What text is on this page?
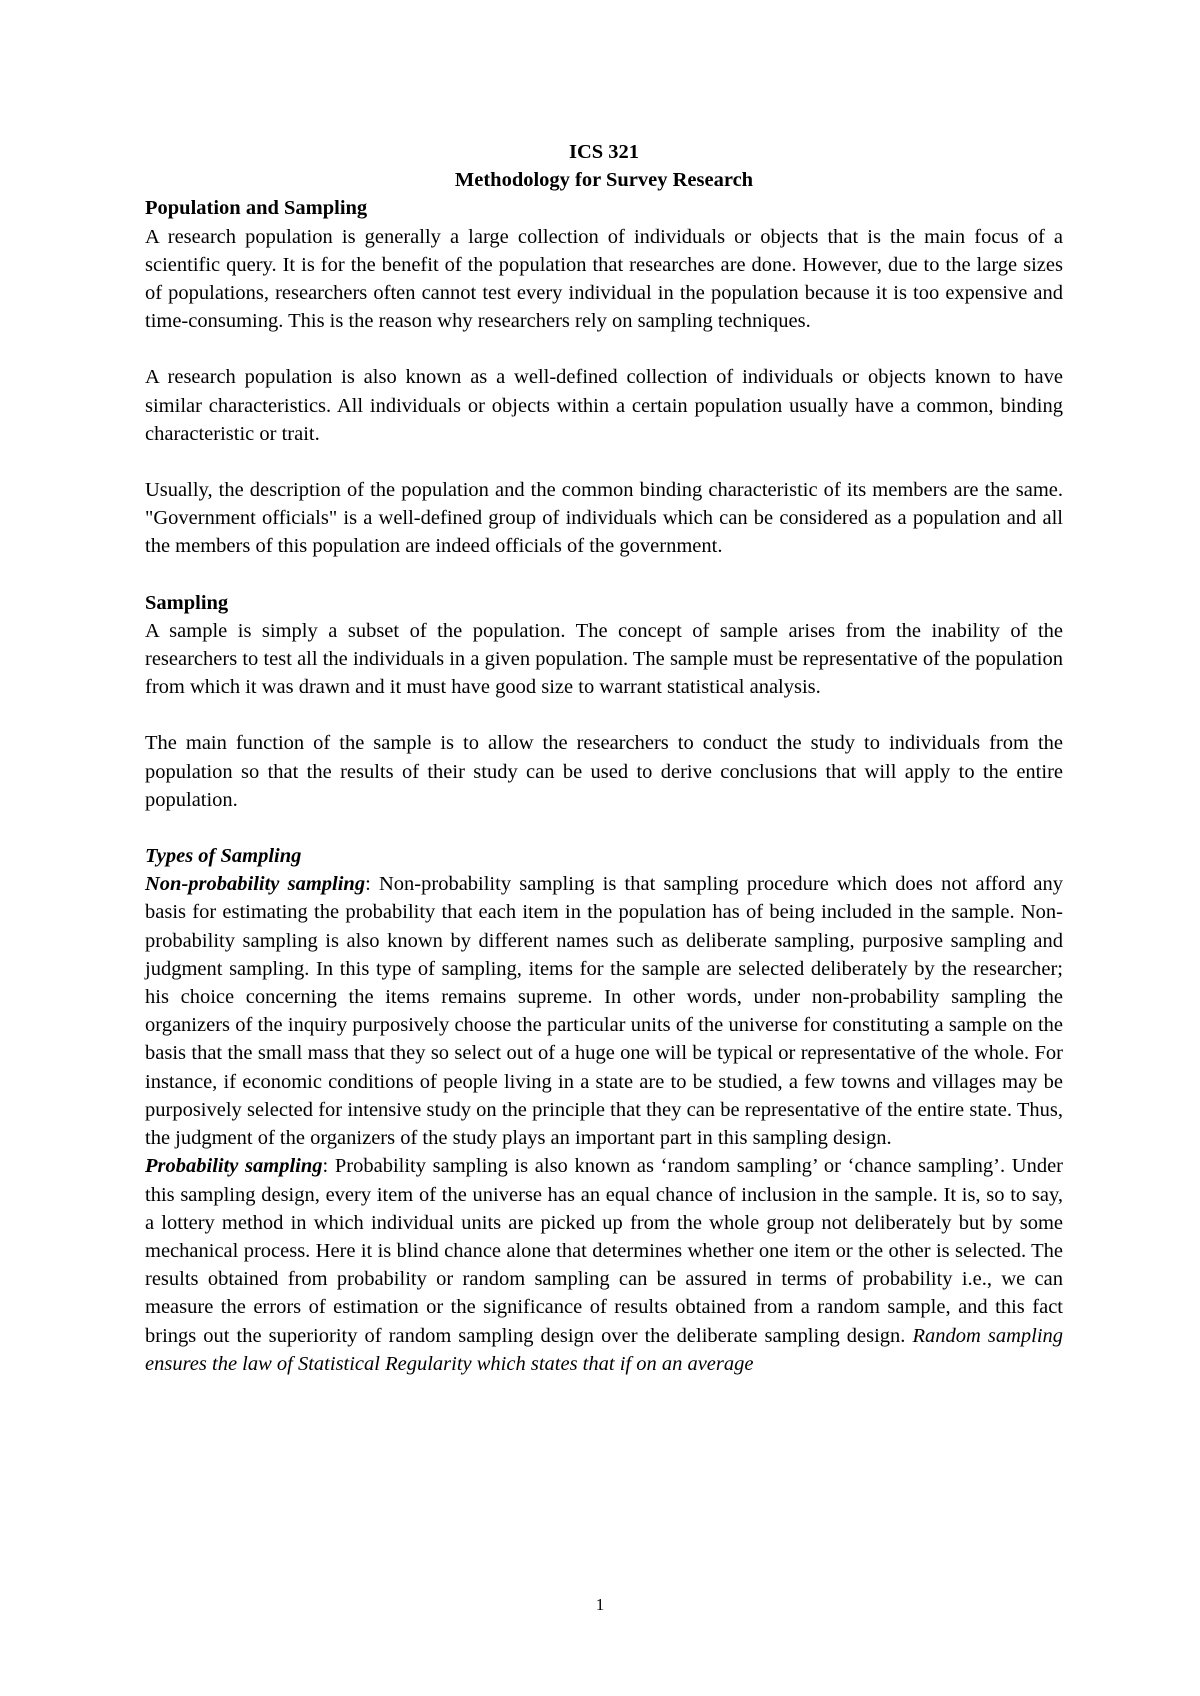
ICS 321
Methodology for Survey Research
Population and Sampling

A research population is generally a large collection of individuals or objects that is the main focus of a scientific query. It is for the benefit of the population that researches are done. However, due to the large sizes of populations, researchers often cannot test every individual in the population because it is too expensive and time-consuming. This is the reason why researchers rely on sampling techniques.

A research population is also known as a well-defined collection of individuals or objects known to have similar characteristics. All individuals or objects within a certain population usually have a common, binding characteristic or trait.

Usually, the description of the population and the common binding characteristic of its members are the same. "Government officials" is a well-defined group of individuals which can be considered as a population and all the members of this population are indeed officials of the government.

Sampling

A sample is simply a subset of the population. The concept of sample arises from the inability of the researchers to test all the individuals in a given population. The sample must be representative of the population from which it was drawn and it must have good size to warrant statistical analysis.

The main function of the sample is to allow the researchers to conduct the study to individuals from the population so that the results of their study can be used to derive conclusions that will apply to the entire population.

Types of Sampling

Non-probability sampling: Non-probability sampling is that sampling procedure which does not afford any basis for estimating the probability that each item in the population has of being included in the sample. Non-probability sampling is also known by different names such as deliberate sampling, purposive sampling and judgment sampling. In this type of sampling, items for the sample are selected deliberately by the researcher; his choice concerning the items remains supreme. In other words, under non-probability sampling the organizers of the inquiry purposively choose the particular units of the universe for constituting a sample on the basis that the small mass that they so select out of a huge one will be typical or representative of the whole. For instance, if economic conditions of people living in a state are to be studied, a few towns and villages may be purposively selected for intensive study on the principle that they can be representative of the entire state. Thus, the judgment of the organizers of the study plays an important part in this sampling design.

Probability sampling: Probability sampling is also known as ‘random sampling’ or ‘chance sampling’. Under this sampling design, every item of the universe has an equal chance of inclusion in the sample. It is, so to say, a lottery method in which individual units are picked up from the whole group not deliberately but by some mechanical process. Here it is blind chance alone that determines whether one item or the other is selected. The results obtained from probability or random sampling can be assured in terms of probability i.e., we can measure the errors of estimation or the significance of results obtained from a random sample, and this fact brings out the superiority of random sampling design over the deliberate sampling design. Random sampling ensures the law of Statistical Regularity which states that if on an average

1
